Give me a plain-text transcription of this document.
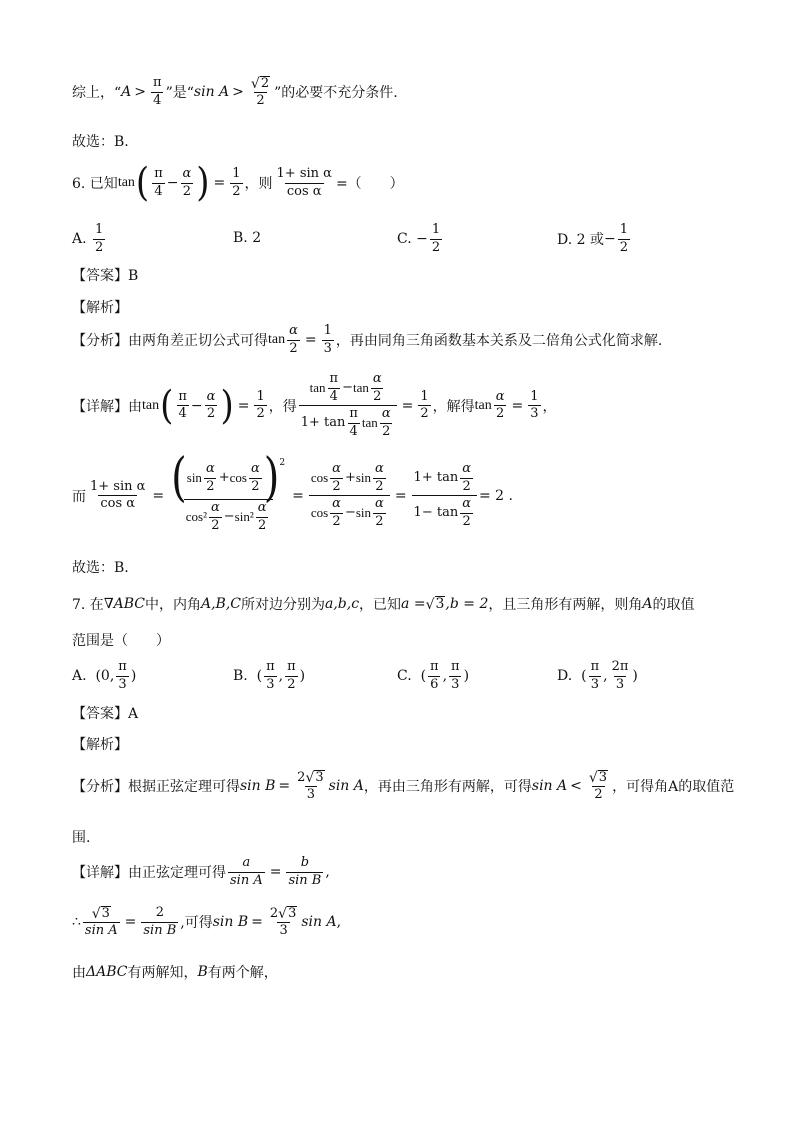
综上，“ $A > \frac{\pi}{4}$ ”是“ sin A >
√ 2
2 ”的必要不充分条件.
故选：B.
6. 已知 tan ( $\frac{\pi}{4} - \frac{\alpha}{2}$ ) = $\frac{1}{2}$ ，则 $\frac{\text{1+ sin α}}{\text{cos α}}$ =（　　）
A.
$\frac{1}{2}$	B. 2	C.
− $\frac{1}{2}$	D. 2 或 − $\frac{1}{2}$
【答案】B
【解析】
【分析】 由两角差正切公式可得 $\tan \frac{\alpha}{2} = \frac{1}{3}$ ，再由同角三角函数基本关系及二倍角公式化简求解.
【详解】 由 tan ( $\frac{\pi}{4} - \frac{\alpha}{2}$ ) = $\frac{1}{2}$ ，得 $\frac{\tan \frac{\pi}{4} - \tan \frac{\alpha}{2}}{1+ \tan \frac{\pi}{4} \tan \frac{\alpha}{2}} = \frac{1}{2}$ ，解得 $\tan \frac{\alpha}{2} = \frac{1}{3}$ ，
而 $\frac{\text{1+ sin α}}{\text{cos α}} = \frac{( \sin \frac{\alpha}{2} + \cos \frac{\alpha}{2} ) 2}{\cos^2 \frac{\alpha}{2} - \sin^2 \frac{\alpha}{2}} = \frac{\cos \frac{\alpha}{2} + \sin \frac{\alpha}{2}}{\cos \frac{\alpha}{2} - \sin \frac{\alpha}{2}} = \frac{1+ \tan \frac{\alpha}{2}}{1- \tan \frac{\alpha}{2}} = 2$ .
故选：B.
7. 在 ∇ABC 中，内角 A,B,C 所对边分别为 a,b,c ，已知 a = √ 3 ,b = 2 ，且三角形有两解，则角 A 的取值
范围是（　　）
A.
(0, $\frac{\pi}{3}$ )	B.
( $\frac{\pi}{3}$ , $\frac{\pi}{2}$ )	C.
( $\frac{\pi}{6}$ , $\frac{\pi}{3}$ )	D.
( $\frac{\pi}{3}$ , $\frac{2\pi}{3}$ )
【答案】A
【解析】
【分析】 根据正弦定理可得 $\sin B = \frac{2 √ 3}{3}$ sin A ，再由三角形有两解，可得 sin A <
√ 3
2 ，可得角A的取值范
围.
【详解】 由正弦定理可得 $\frac{a}{\text{sin A}} = \frac{b}{\text{sin B}}$ ,
∴ $\frac{√ 3}{\text{sin A}} = \frac{2}{\text{sin B}}$ ,可得 $\sin B = \frac{2 √ 3}{3}$ sin A ,
由 ΔABC 有两解知， B 有两个解，
